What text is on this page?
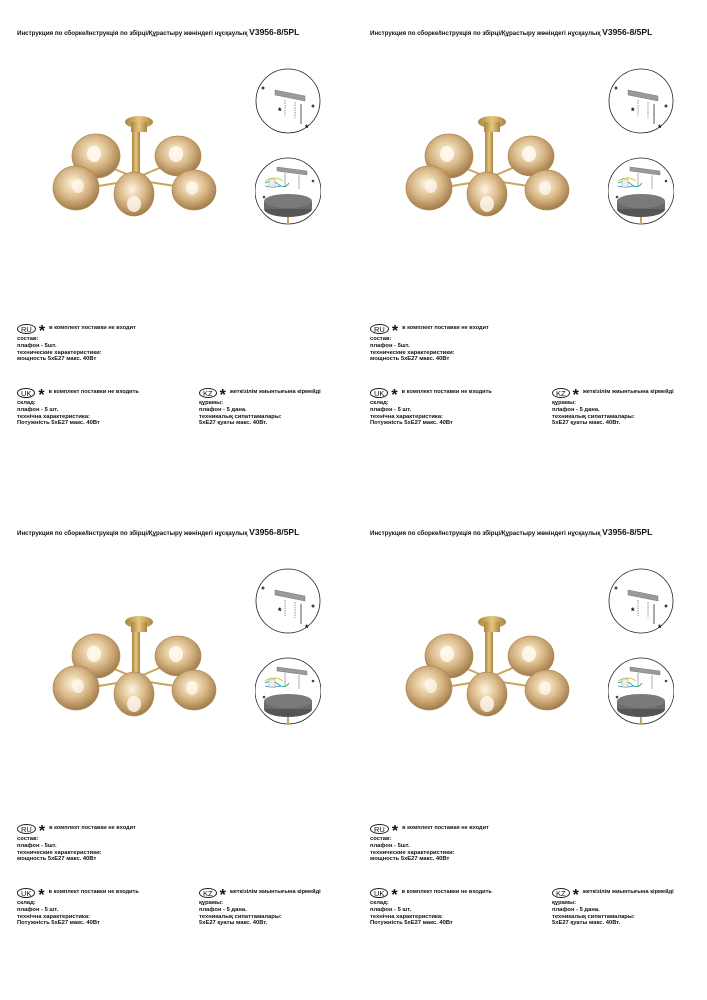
Инструкция по сборке/Інструкція по збірці/Құрастыру жөніндегі нұсқаулық V3956-8/5PL
*
*
RU * в комплект поставки не входит
состав:
плафон - 5шт.
технические характеристики:
мощность 5хЕ27 макс. 40Вт
UK * в комплект поставки не входить
склад:
плафон - 5 шт.
технічна характеристика:
Потужність 5хЕ27 макс. 40Вт
KZ * жеткізілім жиынтығына кірмейді
құрамы:
плафон - 5 дана.
техникалық сипаттамалары:
5хЕ27 қуаты макс. 40Вт.
Инструкция по сборке/Інструкція по збірці/Құрастыру жөніндегі нұсқаулық V3956-8/5PL
*
*
RU * в комплект поставки не входит
состав:
плафон - 5шт.
технические характеристики:
мощность 5хЕ27 макс. 40Вт
UK * в комплект поставки не входить
склад:
плафон - 5 шт.
технічна характеристика:
Потужність 5хЕ27 макс. 40Вт
KZ * жеткізілім жиынтығына кірмейді
құрамы:
плафон - 5 дана.
техникалық сипаттамалары:
5хЕ27 қуаты макс. 40Вт.
Инструкция по сборке/Інструкція по збірці/Құрастыру жөніндегі нұсқаулық V3956-8/5PL
*
*
RU * в комплект поставки не входит
состав:
плафон - 5шт.
технические характеристики:
мощность 5хЕ27 макс. 40Вт
UK * в комплект поставки не входить
склад:
плафон - 5 шт.
технічна характеристика:
Потужність 5хЕ27 макс. 40Вт
KZ * жеткізілім жиынтығына кірмейді
құрамы:
плафон - 5 дана.
техникалық сипаттамалары:
5хЕ27 қуаты макс. 40Вт.
Инструкция по сборке/Інструкція по збірці/Құрастыру жөніндегі нұсқаулық V3956-8/5PL
*
*
RU * в комплект поставки не входит
состав:
плафон - 5шт.
технические характеристики:
мощность 5хЕ27 макс. 40Вт
UK * в комплект поставки не входить
склад:
плафон - 5 шт.
технічна характеристика:
Потужність 5хЕ27 макс. 40Вт
KZ * жеткізілім жиынтығына кірмейді
құрамы:
плафон - 5 дана.
техникалық сипаттамалары:
5хЕ27 қуаты макс. 40Вт.
